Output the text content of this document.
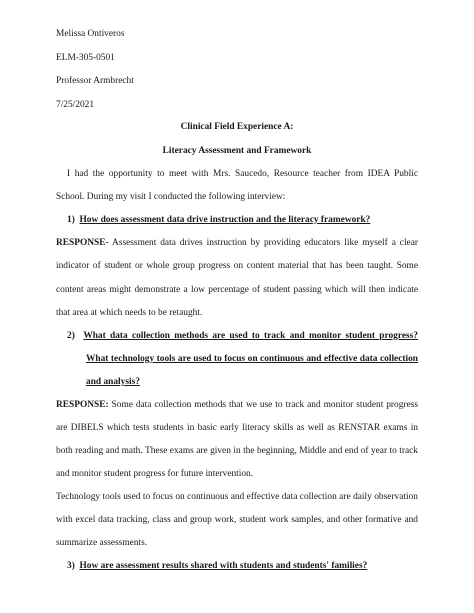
Melissa Ontiveros
ELM-305-0501
Professor Armbrecht
7/25/2021
Clinical Field Experience A:
Literacy Assessment and Framework
I had the opportunity to meet with Mrs. Saucedo, Resource teacher from IDEA Public
School. During my visit I conducted the following interview:
1) How does assessment data drive instruction and the literacy framework?
RESPONSE- Assessment data drives instruction by providing educators like myself a clear
indicator of student or whole group progress on content material that has been taught. Some
content areas might demonstrate a low percentage of student passing which will then indicate
that area at which needs to be retaught.
2) What data collection methods are used to track and monitor student progress?
What technology tools are used to focus on continuous and effective data collection
and analysis?
RESPONSE: Some data collection methods that we use to track and monitor student progress
are DIBELS which tests students in basic early literacy skills as well as RENSTAR exams in
both reading and math. These exams are given in the beginning, Middle and end of year to track
and monitor student progress for future intervention.
Technology tools used to focus on continuous and effective data collection are daily observation
with excel data tracking, class and group work, student work samples, and other formative and
summarize assessments.
3) How are assessment results shared with students and students' families?
